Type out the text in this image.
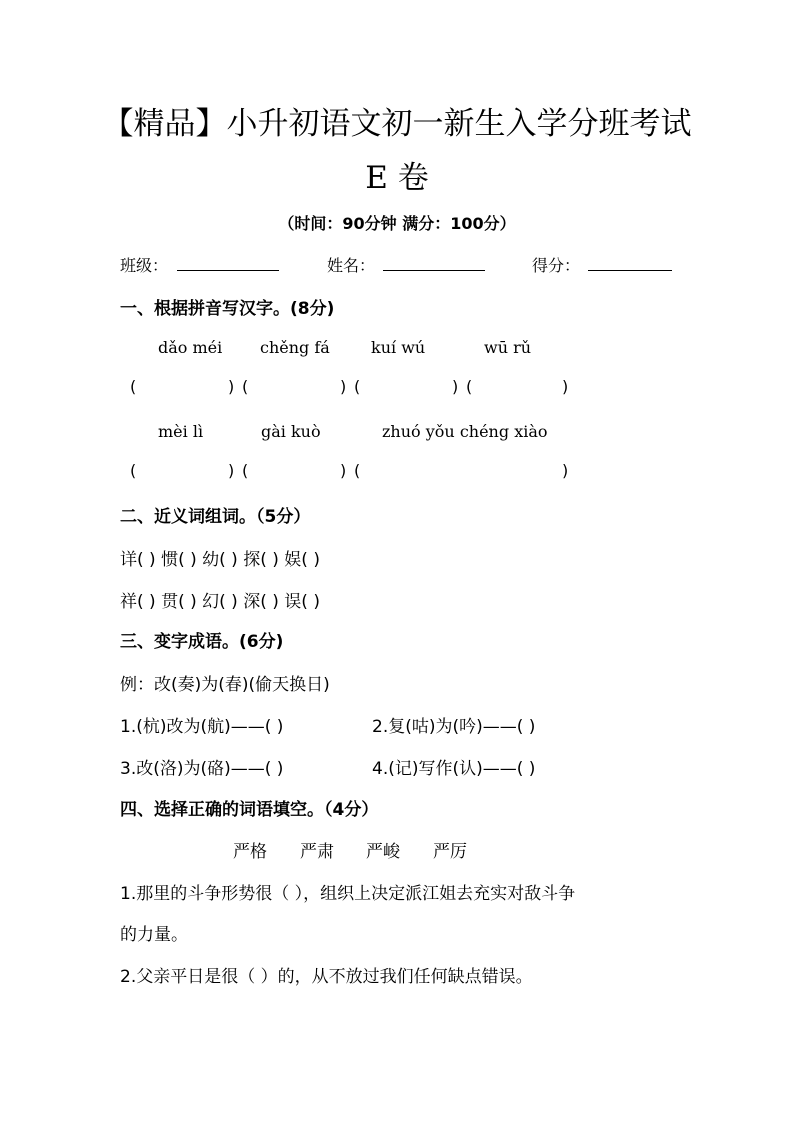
【精品】小升初语文初一新生入学分班考试
E 卷
（时间：90分钟 满分：100分）
班级：	姓名：	得分：
一、根据拼音写汉字。(8分)
dǎo méi chěng fá	kuí wú	wū rǔ
(	) (	) (	) (	)
mèi lì	gài kuò	zhuó yǒu chéng xiào
(	) (	) (	)
二、近义词组词。（5分）
详( ) 惯( ) 幼( ) 探( ) 娱( )
祥( ) 贯( ) 幻( ) 深( ) 误( )
三、变字成语。(6分)
例：改(奏)为(春)(偷天换日)
1.(杭)改为(航)——( )	2.复(咕)为(吟)——( )
3.改(洛)为(硌)——( )	4.(记)写作(认)——( )
四、选择正确的词语填空。（4分）
严格 严肃 严峻 严厉
1.那里的斗争形势很（ ），组织上决定派江姐去充实对敌斗争
的力量。
2.父亲平日是很（ ）的，从不放过我们任何缺点错误。
